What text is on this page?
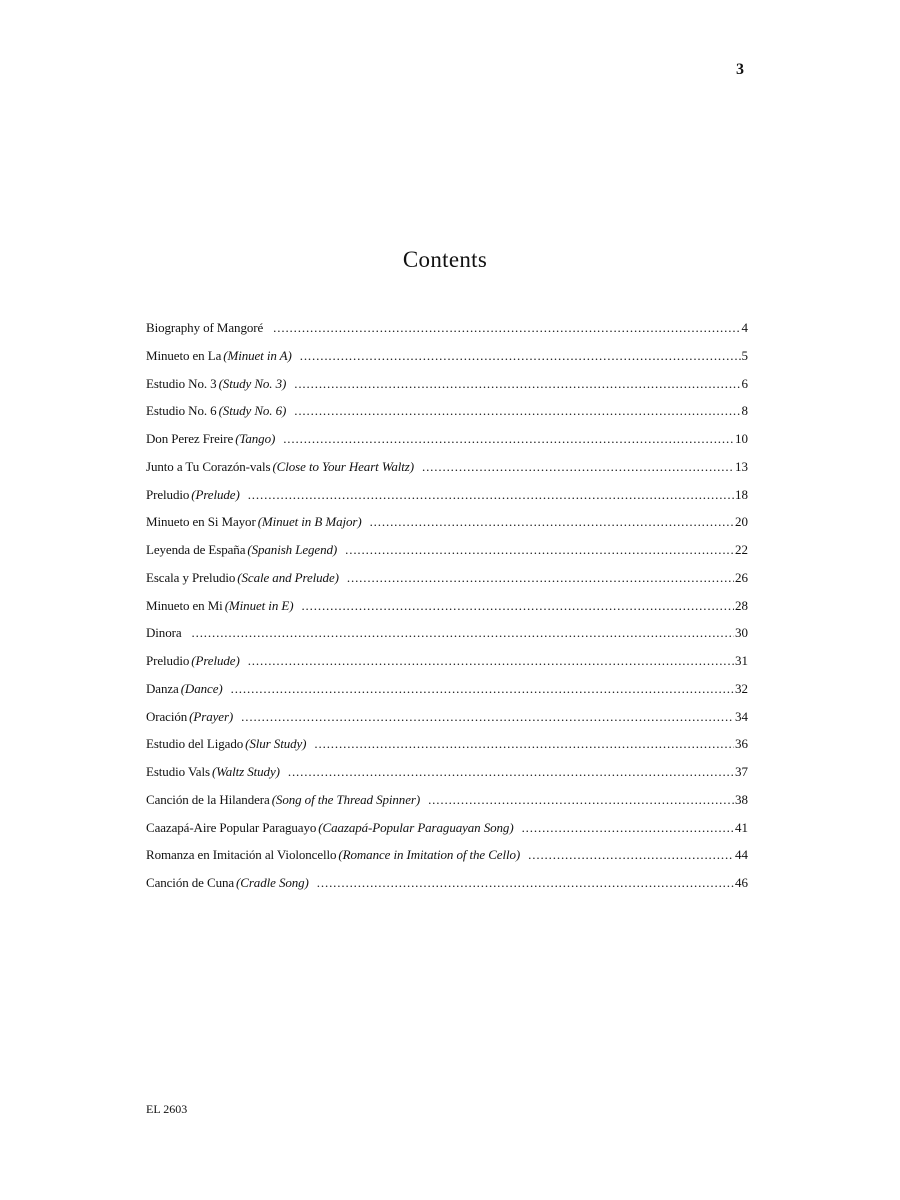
3
Contents
Biography of Mangoré . . .	4
Minueto en La (Minuet in A) . . .	5
Estudio No. 3 (Study No. 3) . . .	6
Estudio No. 6 (Study No. 6) . . .	8
Don Perez Freire (Tango) . . .	10
Junto a Tu Corazón-vals (Close to Your Heart Waltz) . . .	13
Preludio (Prelude) . . .	18
Minueto en Si Mayor (Minuet in B Major) . . .	20
Leyenda de España (Spanish Legend) . . .	22
Escala y Preludio (Scale and Prelude) . . .	26
Minueto en Mi (Minuet in E) . . .	28
Dinora . . .	30
Preludio (Prelude) . . .	31
Danza (Dance) . . .	32
Oración (Prayer) . . .	34
Estudio del Ligado (Slur Study) . . .	36
Estudio Vals (Waltz Study) . . .	37
Canción de la Hilandera (Song of the Thread Spinner) . . .	38
Caazapá-Aire Popular Paraguayo (Caazapá-Popular Paraguayan Song) . . .	41
Romanza en Imitación al Violoncello (Romance in Imitation of the Cello) . . .	44
Canción de Cuna (Cradle Song) . . .	46
EL 2603
